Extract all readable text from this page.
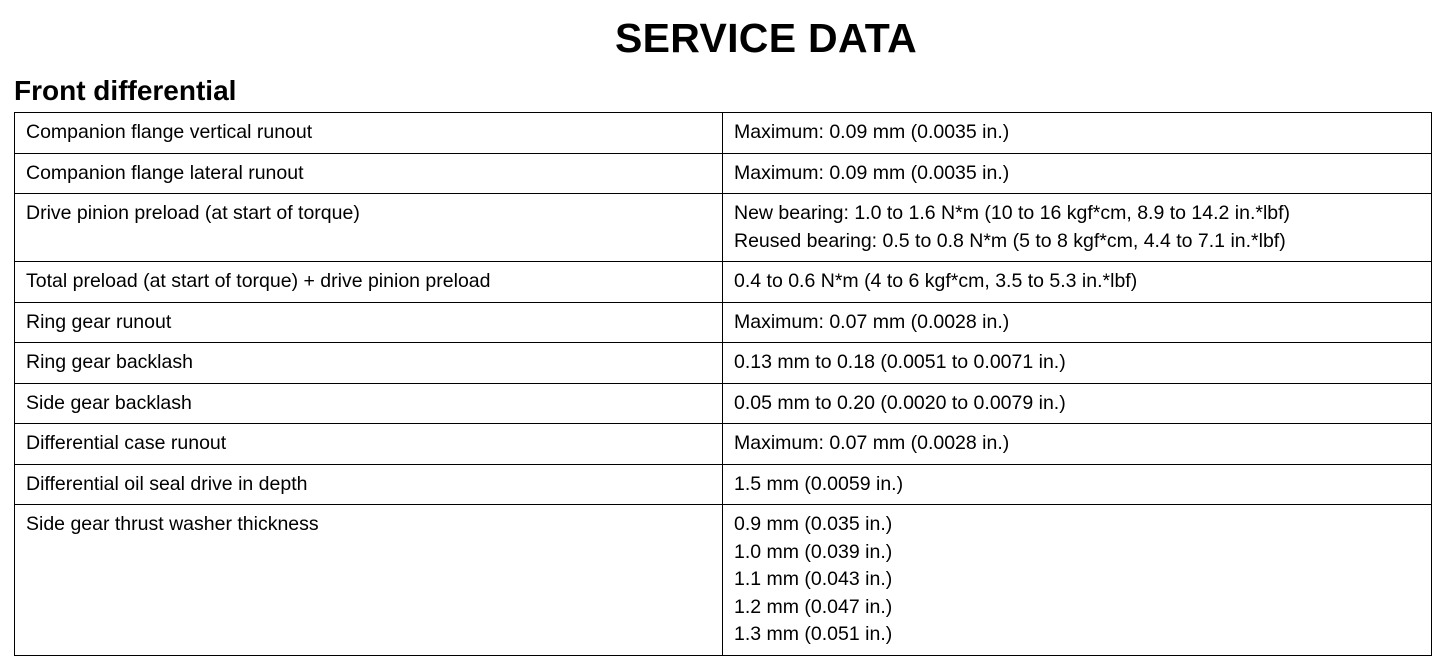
SERVICE DATA
Front differential
Companion flange vertical runout	Maximum: 0.09 mm (0.0035 in.)

Companion flange lateral runout	Maximum: 0.09 mm (0.0035 in.)

Drive pinion preload (at start of torque)	New bearing: 1.0 to 1.6 N*m (10 to 16 kgf*cm, 8.9 to 14.2 in.*lbf)
Reused bearing: 0.5 to 0.8 N*m (5 to 8 kgf*cm, 4.4 to 7.1 in.*lbf)

Total preload (at start of torque) + drive pinion preload	0.4 to 0.6 N*m (4 to 6 kgf*cm, 3.5 to 5.3 in.*lbf)

Ring gear runout	Maximum: 0.07 mm (0.0028 in.)

Ring gear backlash	0.13 mm to 0.18 (0.0051 to 0.0071 in.)

Side gear backlash	0.05 mm to 0.20 (0.0020 to 0.0079 in.)

Differential case runout	Maximum: 0.07 mm (0.0028 in.)

Differential oil seal drive in depth	1.5 mm (0.0059 in.)

Side gear thrust washer thickness	0.9 mm (0.035 in.)
1.0 mm (0.039 in.)
1.1 mm (0.043 in.)
1.2 mm (0.047 in.)
1.3 mm (0.051 in.)
